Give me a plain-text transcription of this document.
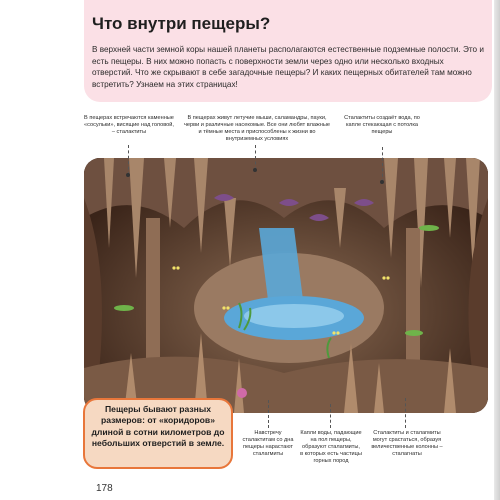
Что внутри пещеры?
В верхней части земной коры нашей планеты располагаются естественные подземные полости. Это и есть пещеры. В них можно попасть с поверхности земли через одно или несколько входных отверстий. Что же скрывают в себе загадочные пещеры? И каких пещерных обитателей там можно встретить? Узнаем на этих страницах!
В пещерах встречаются каменные «сосульки», висящие над головой, – сталактиты
В пещерах живут летучие мыши, саламандры, пауки, черви и различные насекомые. Все они любят влажные и тёмные места и приспособлены к жизни во внутриземных условиях
Сталактиты создаёт вода, по капле стекающая с потолка пещеры
Пещеры бывают разных размеров: от «коридоров» длиной в сотни километров до небольших отверстий в земле.
Навстречу сталактитам со дна пещеры нарастают сталагмиты
Капли воды, падающие на пол пещеры, образуют сталагмиты, в которых есть частицы горных пород
Сталактиты и сталагмиты могут срастаться, образуя величественные колонны – сталагнаты
178
